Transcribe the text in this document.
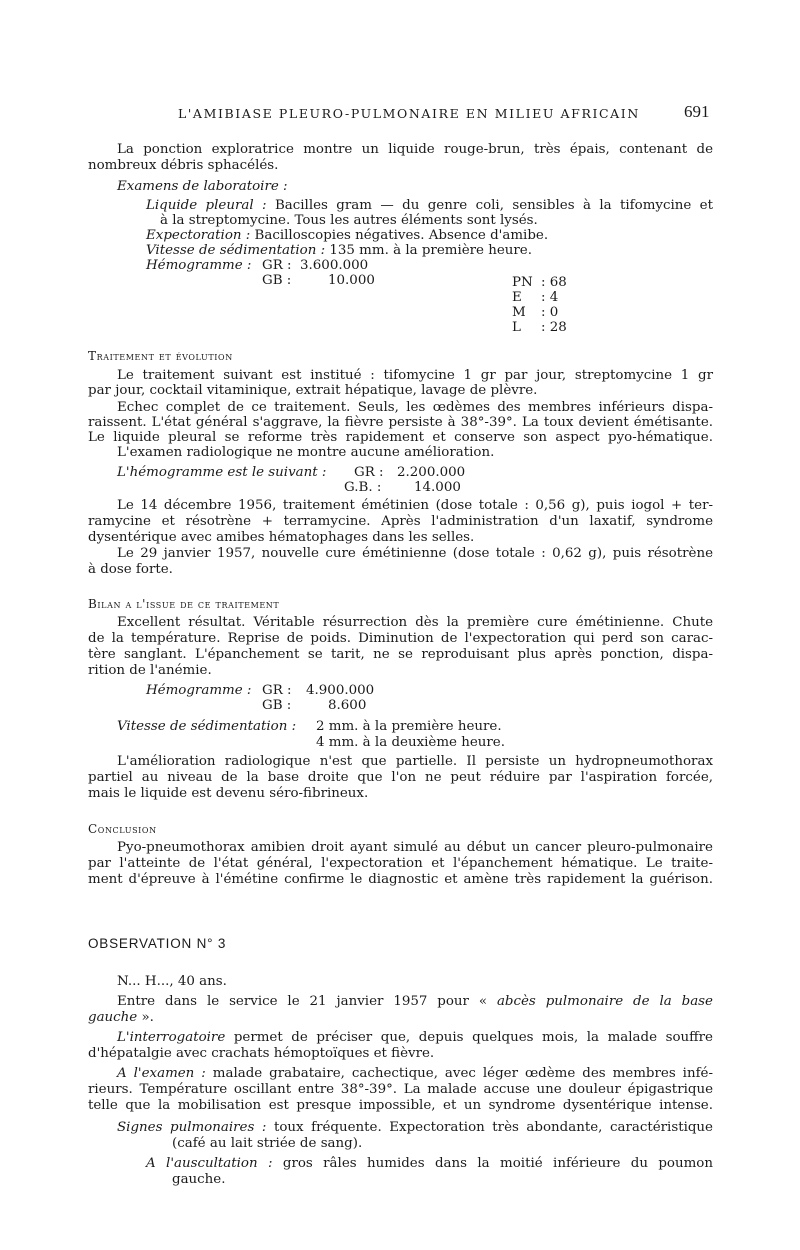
L'AMIBIASE PLEURO-PULMONAIRE EN MILIEU AFRICAIN	691
La ponction exploratrice montre un liquide rouge-brun, très épais, contenant de
nombreux débris sphacélés.
Examens de laboratoire :
Liquide pleural : Bacilles gram — du genre coli, sensibles à la tifomycine et
à la streptomycine. Tous les autres éléments sont lysés.
Expectoration : Bacilloscopies négatives. Absence d'amibe.
Vitesse de sédimentation : 135 mm. à la première heure.
Hémogramme : GR : 3.600.000
GB :	10.000	PN : 68
E : 4
M : 0
L : 28
Traitement et évolution
Le traitement suivant est institué : tifomycine 1 gr par jour, streptomycine 1 gr
par jour, cocktail vitaminique, extrait hépatique, lavage de plèvre.
Echec complet de ce traitement. Seuls, les œdèmes des membres inférieurs dispa-
raissent. L'état général s'aggrave, la fièvre persiste à 38°-39°. La toux devient émétisante.
Le liquide pleural se reforme très rapidement et conserve son aspect pyo-hématique.
L'examen radiologique ne montre aucune amélioration.
L'hémogramme est le suivant : GR : 2.200.000
G.B. : 14.000
Le 14 décembre 1956, traitement émétinien (dose totale : 0,56 g), puis iogol + ter-
ramycine et résotrène + terramycine. Après l'administration d'un laxatif, syndrome
dysentérique avec amibes hématophages dans les selles.
Le 29 janvier 1957, nouvelle cure émétinienne (dose totale : 0,62 g), puis résotrène
à dose forte.
Bilan a l'issue de ce traitement
Excellent résultat. Véritable résurrection dès la première cure émétinienne. Chute
de la température. Reprise de poids. Diminution de l'expectoration qui perd son carac-
tère sanglant. L'épanchement se tarit, ne se reproduisant plus après ponction, dispa-
rition de l'anémie.
Hémogramme : GR : 4.900.000
GB :	8.600
Vitesse de sédimentation : 2 mm. à la première heure.
4 mm. à la deuxième heure.
L'amélioration radiologique n'est que partielle. Il persiste un hydropneumothorax
partiel au niveau de la base droite que l'on ne peut réduire par l'aspiration forcée,
mais le liquide est devenu séro-fibrineux.
Conclusion
Pyo-pneumothorax amibien droit ayant simulé au début un cancer pleuro-pulmonaire
par l'atteinte de l'état général, l'expectoration et l'épanchement hématique. Le traite-
ment d'épreuve à l'émétine confirme le diagnostic et amène très rapidement la guérison.
OBSERVATION N° 3
N... H..., 40 ans.
Entre dans le service le 21 janvier 1957 pour « abcès pulmonaire de la base
gauche ».
L'interrogatoire permet de préciser que, depuis quelques mois, la malade souffre
d'hépatalgie avec crachats hémoptoïques et fièvre.
A l'examen : malade grabataire, cachectique, avec léger œdème des membres infé-
rieurs. Température oscillant entre 38°-39°. La malade accuse une douleur épigastrique
telle que la mobilisation est presque impossible, et un syndrome dysentérique intense.
Signes pulmonaires : toux fréquente. Expectoration très abondante, caractéristique
(café au lait striée de sang).
A l'auscultation : gros râles humides dans la moitié inférieure du poumon
gauche.
